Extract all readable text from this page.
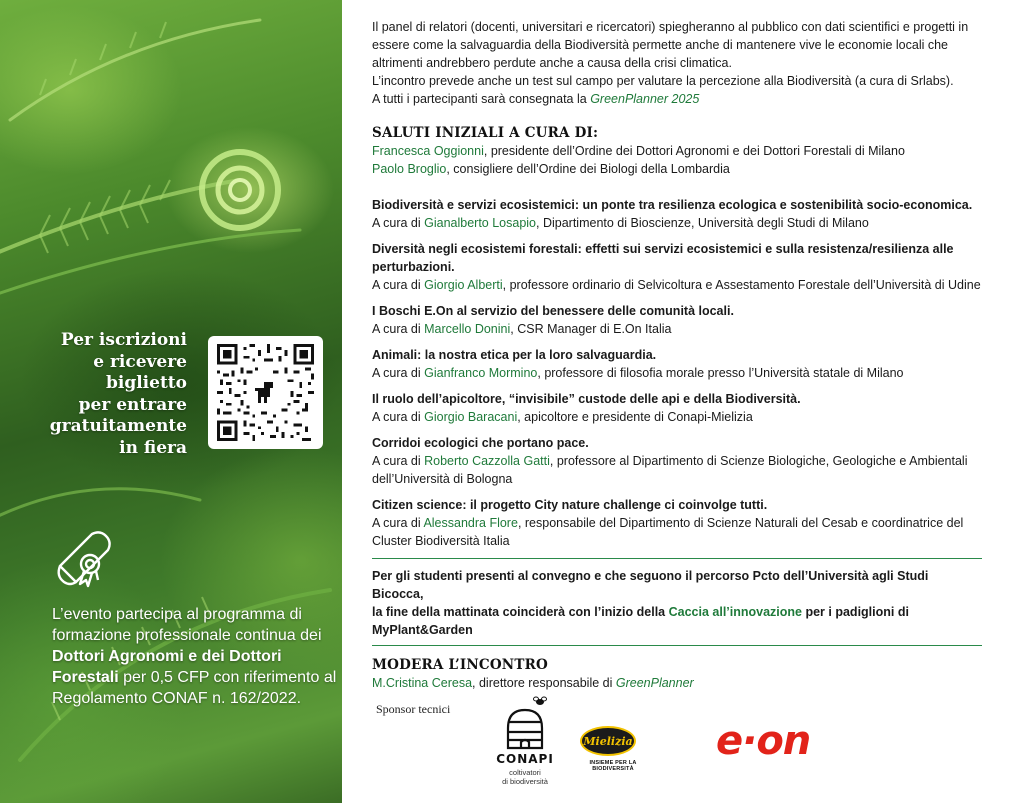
Per iscrizioni
e ricevere
biglietto
per entrare
gratuitamente
in fiera
L’evento partecipa al programma di formazione professionale continua dei Dottori Agronomi e dei Dottori Forestali per 0,5 CFP con riferimento al Regolamento CONAF n. 162/2022.
Il panel di relatori (docenti, universitari e ricercatori) spiegheranno al pubblico con dati scientifici e progetti in essere come la salvaguardia della Biodiversità permette anche di mantenere vive le economie locali che altrimenti andrebbero perdute anche a causa della crisi climatica.
L’incontro prevede anche un test sul campo per valutare la percezione alla Biodiversità (a cura di Srlabs).
A tutti i partecipanti sarà consegnata la GreenPlanner 2025
SALUTI INIZIALI A CURA DI:
Francesca Oggionni, presidente dell’Ordine dei Dottori Agronomi e dei Dottori Forestali di Milano
Paolo Broglio, consigliere dell’Ordine dei Biologi della Lombardia
Biodiversità e servizi ecosistemici: un ponte tra resilienza ecologica e sostenibilità socio-economica.
A cura di Gianalberto Losapio, Dipartimento di Bioscienze, Università degli Studi di Milano
Diversità negli ecosistemi forestali: effetti sui servizi ecosistemici e sulla resistenza/resilienza alle perturbazioni.
A cura di Giorgio Alberti, professore ordinario di Selvicoltura e Assestamento Forestale dell’Università di Udine
I Boschi E.On al servizio del benessere delle comunità locali.
A cura di Marcello Donini, CSR Manager di E.On Italia
Animali: la nostra etica per la loro salvaguardia.
A cura di Gianfranco Mormino, professore di filosofia morale presso l’Università statale di Milano
Il ruolo dell’apicoltore, “invisibile” custode delle api e della Biodiversità.
A cura di Giorgio Baracani, apicoltore e presidente di Conapi-Mielizia
Corridoi ecologici che portano pace.
A cura di Roberto Cazzolla Gatti, professore al Dipartimento di Scienze Biologiche, Geologiche e Ambientali dell’Università di Bologna
Citizen science: il progetto City nature challenge ci coinvolge tutti.
A cura di Alessandra Flore, responsabile del Dipartimento di Scienze Naturali del Cesab e coordinatrice del Cluster Biodiversità Italia
Per gli studenti presenti al convegno e che seguono il percorso Pcto dell’Università agli Studi Bicocca,
la fine della mattinata coinciderà con l’inizio della Caccia all’innovazione per i padiglioni di MyPlant&Garden
MODERA L’INCONTRO
M.Cristina Ceresa, direttore responsabile di GreenPlanner
Sponsor tecnici
CONAPI
coltivatori
di biodiversità
Mielizia
INSIEME PER LA BIODIVERSITÀ
e·on
